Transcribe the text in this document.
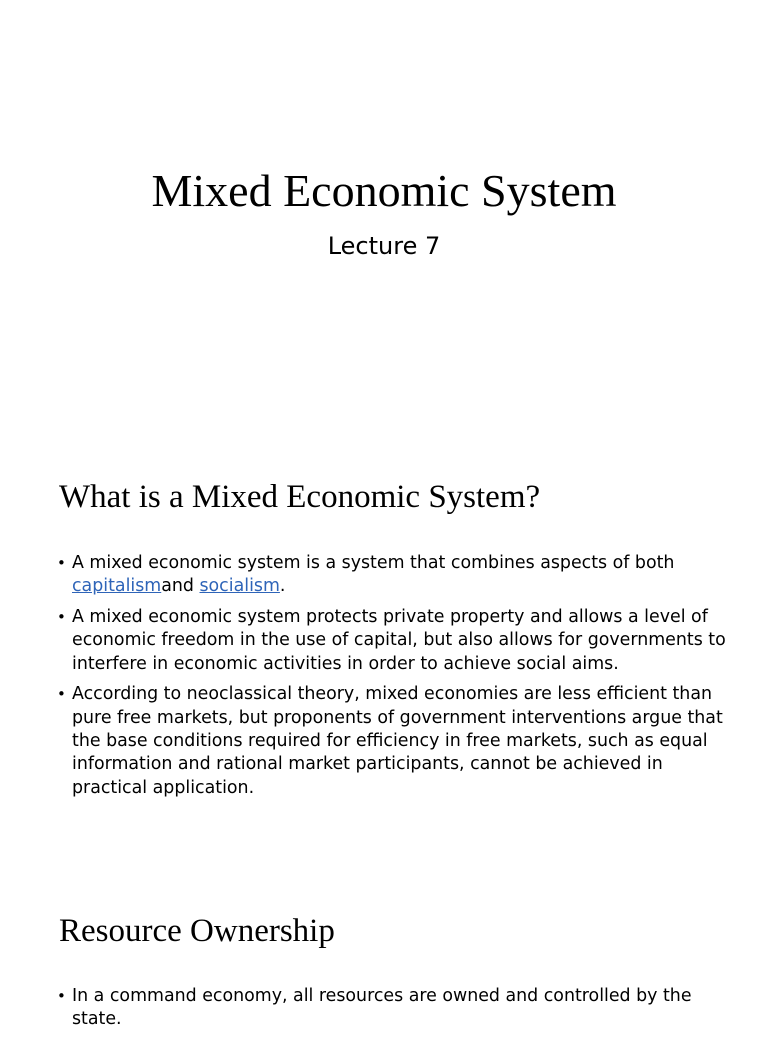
Mixed Economic System
Lecture 7
What is a Mixed Economic System?
• A mixed economic system is a system that combines aspects of both capitalismand socialism.
• A mixed economic system protects private property and allows a level of economic freedom in the use of capital, but also allows for governments to interfere in economic activities in order to achieve social aims.
• According to neoclassical theory, mixed economies are less efficient than pure free markets, but proponents of government interventions argue that the base conditions required for efficiency in free markets, such as equal information and rational market participants, cannot be achieved in practical application.
Resource Ownership
• In a command economy, all resources are owned and controlled by the state.
